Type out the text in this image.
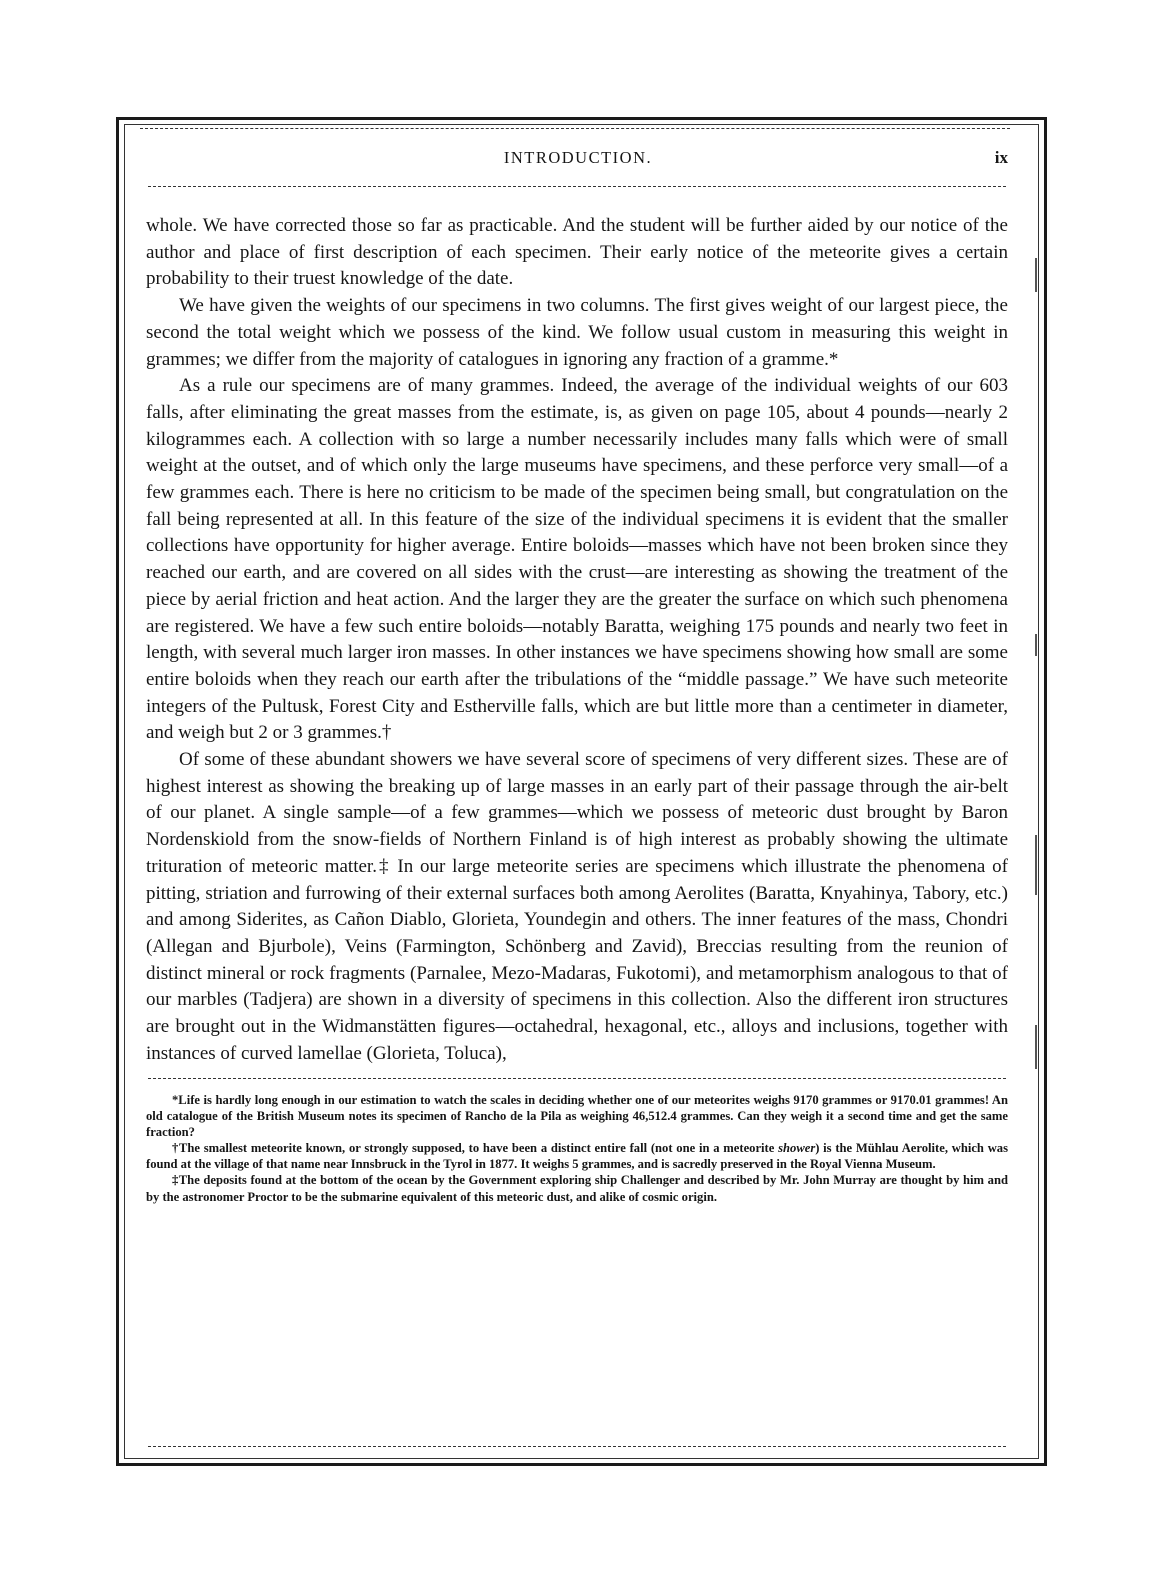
INTRODUCTION.	ix

whole. We have corrected those so far as practicable. And the student will be further aided by our notice of the author and place of first description of each specimen. Their early notice of the meteorite gives a certain probability to their truest knowledge of the date.

We have given the weights of our specimens in two columns. The first gives weight of our largest piece, the second the total weight which we possess of the kind. We follow usual custom in measuring this weight in grammes; we differ from the majority of catalogues in ignoring any fraction of a gramme.*

As a rule our specimens are of many grammes. Indeed, the average of the individual weights of our 603 falls, after eliminating the great masses from the estimate, is, as given on page 105, about 4 pounds—nearly 2 kilogrammes each. A collection with so large a number necessarily includes many falls which were of small weight at the outset, and of which only the large museums have specimens, and these perforce very small—of a few grammes each. There is here no criticism to be made of the specimen being small, but congratulation on the fall being represented at all. In this feature of the size of the individual specimens it is evident that the smaller collections have opportunity for higher average. Entire boloids—masses which have not been broken since they reached our earth, and are covered on all sides with the crust—are interesting as showing the treatment of the piece by aerial friction and heat action. And the larger they are the greater the surface on which such phenomena are registered. We have a few such entire boloids—notably Baratta, weighing 175 pounds and nearly two feet in length, with several much larger iron masses. In other instances we have specimens showing how small are some entire boloids when they reach our earth after the tribulations of the “middle passage.” We have such meteorite integers of the Pultusk, Forest City and Estherville falls, which are but little more than a centimeter in diameter, and weigh but 2 or 3 grammes.†

Of some of these abundant showers we have several score of specimens of very different sizes. These are of highest interest as showing the breaking up of large masses in an early part of their passage through the air-belt of our planet. A single sample—of a few grammes—which we possess of meteoric dust brought by Baron Nordenskiold from the snow-fields of Northern Finland is of high interest as probably showing the ultimate trituration of meteoric matter.‡ In our large meteorite series are specimens which illustrate the phenomena of pitting, striation and furrowing of their external surfaces both among Aerolites (Baratta, Knyahinya, Tabory, etc.) and among Siderites, as Cañon Diablo, Glorieta, Youndegin and others. The inner features of the mass, Chondri (Allegan and Bjurbole), Veins (Farmington, Schönberg and Zavid), Breccias resulting from the reunion of distinct mineral or rock fragments (Parnalee, Mezo-Madaras, Fukotomi), and metamorphism analogous to that of our marbles (Tadjera) are shown in a diversity of specimens in this collection. Also the different iron structures are brought out in the Widmanstätten figures—octahedral, hexagonal, etc., alloys and inclusions, together with instances of curved lamellae (Glorieta, Toluca),

*Life is hardly long enough in our estimation to watch the scales in deciding whether one of our meteorites weighs 9170 grammes or 9170.01 grammes! An old catalogue of the British Museum notes its specimen of Rancho de la Pila as weighing 46,512.4 grammes. Can they weigh it a second time and get the same fraction?

†The smallest meteorite known, or strongly supposed, to have been a distinct entire fall (not one in a meteorite shower) is the Mühlau Aerolite, which was found at the village of that name near Innsbruck in the Tyrol in 1877. It weighs 5 grammes, and is sacredly preserved in the Royal Vienna Museum.

‡The deposits found at the bottom of the ocean by the Government exploring ship Challenger and described by Mr. John Murray are thought by him and by the astronomer Proctor to be the submarine equivalent of this meteoric dust, and alike of cosmic origin.
